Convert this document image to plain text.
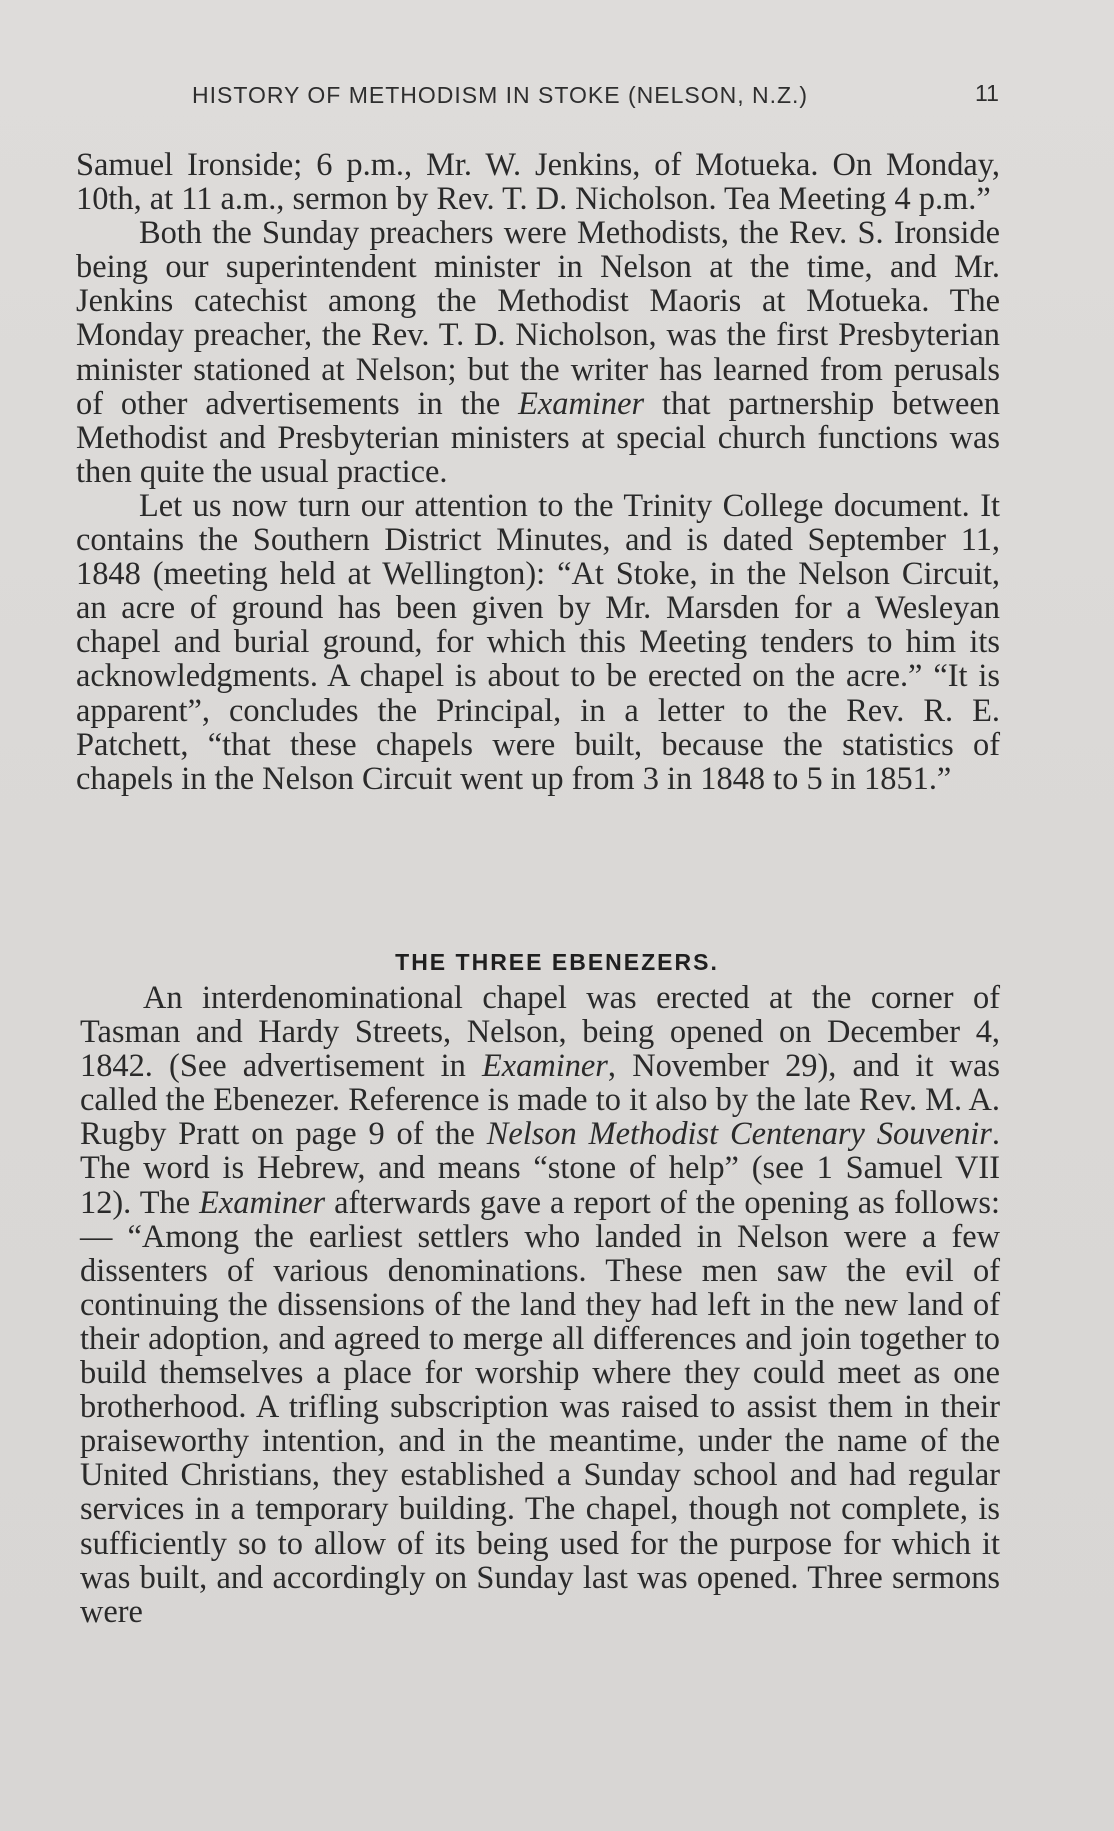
HISTORY OF METHODISM IN STOKE (NELSON, N.Z.)	11

Samuel Ironside; 6 p.m., Mr. W. Jenkins, of Motueka. On Monday, 10th, at 11 a.m., sermon by Rev. T. D. Nicholson. Tea Meeting 4 p.m.”

Both the Sunday preachers were Methodists, the Rev. S. Ironside being our superintendent minister in Nelson at the time, and Mr. Jenkins catechist among the Methodist Maoris at Motueka. The Monday preacher, the Rev. T. D. Nicholson, was the first Presbyterian minister stationed at Nelson; but the writer has learned from perusals of other advertisements in the Examiner that partnership between Methodist and Presbyterian ministers at special church functions was then quite the usual practice.

Let us now turn our attention to the Trinity College document. It contains the Southern District Minutes, and is dated September 11, 1848 (meeting held at Wellington): “At Stoke, in the Nelson Circuit, an acre of ground has been given by Mr. Marsden for a Wesleyan chapel and burial ground, for which this Meeting tenders to him its acknowledgments. A chapel is about to be erected on the acre.” “It is apparent”, concludes the Principal, in a letter to the Rev. R. E. Patchett, “that these chapels were built, because the statistics of chapels in the Nelson Circuit went up from 3 in 1848 to 5 in 1851.”

THE THREE EBENEZERS.

An interdenominational chapel was erected at the corner of Tasman and Hardy Streets, Nelson, being opened on December 4, 1842. (See advertisement in Examiner, November 29), and it was called the Ebenezer. Reference is made to it also by the late Rev. M. A. Rugby Pratt on page 9 of the Nelson Methodist Centenary Souvenir. The word is Hebrew, and means “stone of help” (see 1 Samuel VII 12). The Examiner afterwards gave a report of the opening as follows:— “Among the earliest settlers who landed in Nelson were a few dissenters of various denominations. These men saw the evil of continuing the dissensions of the land they had left in the new land of their adoption, and agreed to merge all differences and join together to build themselves a place for worship where they could meet as one brotherhood. A trifling subscription was raised to assist them in their praiseworthy intention, and in the meantime, under the name of the United Christians, they established a Sunday school and had regular services in a temporary building. The chapel, though not complete, is sufficiently so to allow of its being used for the purpose for which it was built, and accordingly on Sunday last was opened. Three sermons were
